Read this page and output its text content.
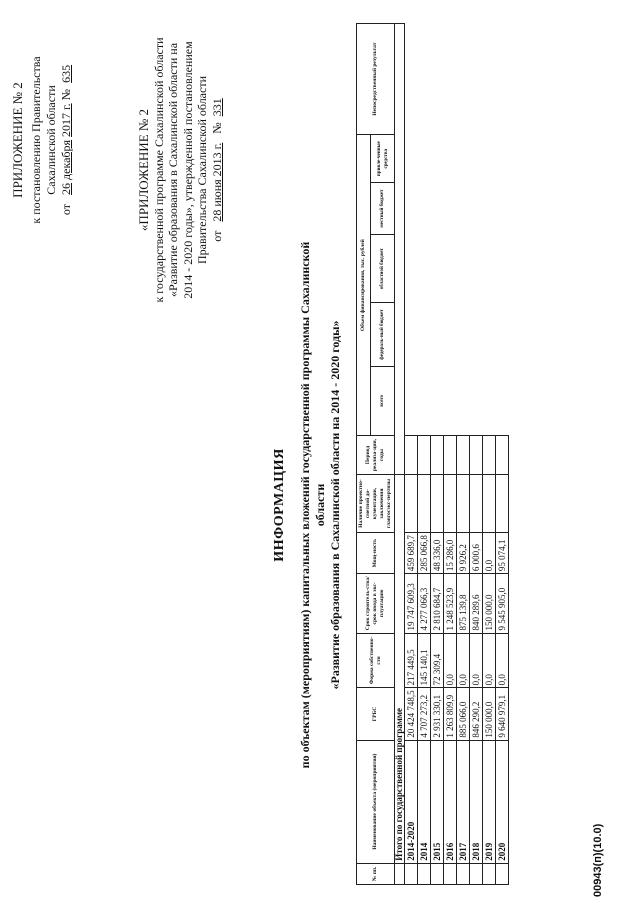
ПРИЛОЖЕНИЕ № 2 к постановлению Правительства Сахалинской области
от   26 декабря 2017 г. №  635
«ПРИЛОЖЕНИЕ № 2 к государственной программе Сахалинской области «Развитие образования в Сахалинской области на 2014 - 2020 годы», утвержденной постановлением Правительства Сахалинской области от   28 июня 2013 г.   №  331
ИНФОРМАЦИЯ по объектам (мероприятиям) капитальных вложений государственной программы Сахалинской области «Развитие образования в Сахалинской области на 2014 - 2020 годы»
№ пп.	Наименование объекта (мероприятия)	ГРБС	Форма собственно-сти	Срок строитель-ства/срок ввода в экс-плуатацию	Мощ-ность	Наличие проектно-сметной до-кументации, заключения главгосэкс-пертизы	Период реализа-ции, годы	Объем финансирования, тыс. рублей					Непосредственный результат
								всего	федераль-ный бюджет	областной бюджет	местный бюджет	привле-ченные средства	
	Итого по государственной программе												
	2014-2020	20 424 748,5	217 449,5	19 747 609,3	459 689,7								
	2014	4 707 273,2	145 140,1	4 277 066,3	285 066,8								
	2015	2 931 330,1	72 309,4	2 810 684,7	48 336,0								
	2016	1 263 809,9	0,0	1 248 523,9	15 286,0								
	2017	885 066,0	0,0	875 139,8	9 926,2								
	2018	846 290,2	0,0	840 289,6	6 000,6								
	2019	150 000,0	0,0	150 000,0	0,0								
	2020	9 640 979,1	0,0	9 545 905,0	95 074,1								
00943(п)(10.0)
